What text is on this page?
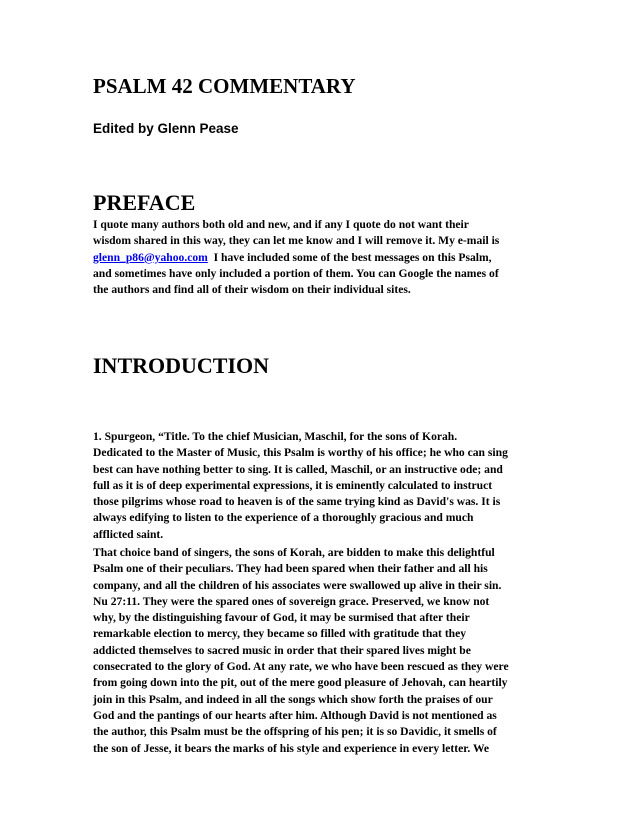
PSALM 42 COMMENTARY
Edited by Glenn Pease
PREFACE

I quote many authors both old and new, and if any I quote do not want their
wisdom shared in this way, they can let me know and I will remove it. My e-mail is
glenn_p86@yahoo.com  I have included some of the best messages on this Psalm,
and sometimes have only included a portion of them. You can Google the names of
the authors and find all of their wisdom on their individual sites.

INTRODUCTION

1. Spurgeon, “Title. To the chief Musician, Maschil, for the sons of Korah.
Dedicated to the Master of Music, this Psalm is worthy of his office; he who can sing
best can have nothing better to sing. It is called, Maschil, or an instructive ode; and
full as it is of deep experimental expressions, it is eminently calculated to instruct
those pilgrims whose road to heaven is of the same trying kind as David's was. It is
always edifying to listen to the experience of a thoroughly gracious and much
afflicted saint.

That choice band of singers, the sons of Korah, are bidden to make this delightful
Psalm one of their peculiars. They had been spared when their father and all his
company, and all the children of his associates were swallowed up alive in their sin.
Nu 27:11. They were the spared ones of sovereign grace. Preserved, we know not
why, by the distinguishing favour of God, it may be surmised that after their
remarkable election to mercy, they became so filled with gratitude that they
addicted themselves to sacred music in order that their spared lives might be
consecrated to the glory of God. At any rate, we who have been rescued as they were
from going down into the pit, out of the mere good pleasure of Jehovah, can heartily
join in this Psalm, and indeed in all the songs which show forth the praises of our
God and the pantings of our hearts after him. Although David is not mentioned as
the author, this Psalm must be the offspring of his pen; it is so Davidic, it smells of
the son of Jesse, it bears the marks of his style and experience in every letter. We
